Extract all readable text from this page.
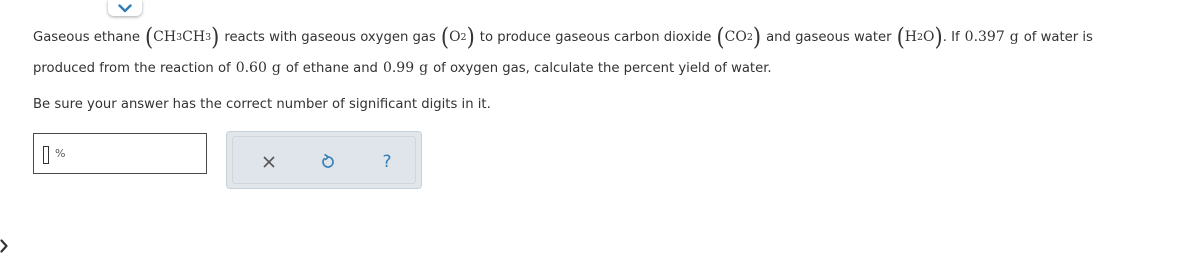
Gaseous ethane ( CH 3 CH 3 ) reacts with gaseous oxygen gas ( O 2 ) to produce gaseous carbon dioxide ( CO 2 ) and gaseous water ( H 2 O ) . If 0.397 g of water is
produced from the reaction of 0.60 g of ethane and 0.99 g of oxygen gas, calculate the percent yield of water.
Be sure your answer has the correct number of significant digits in it.
%	?
